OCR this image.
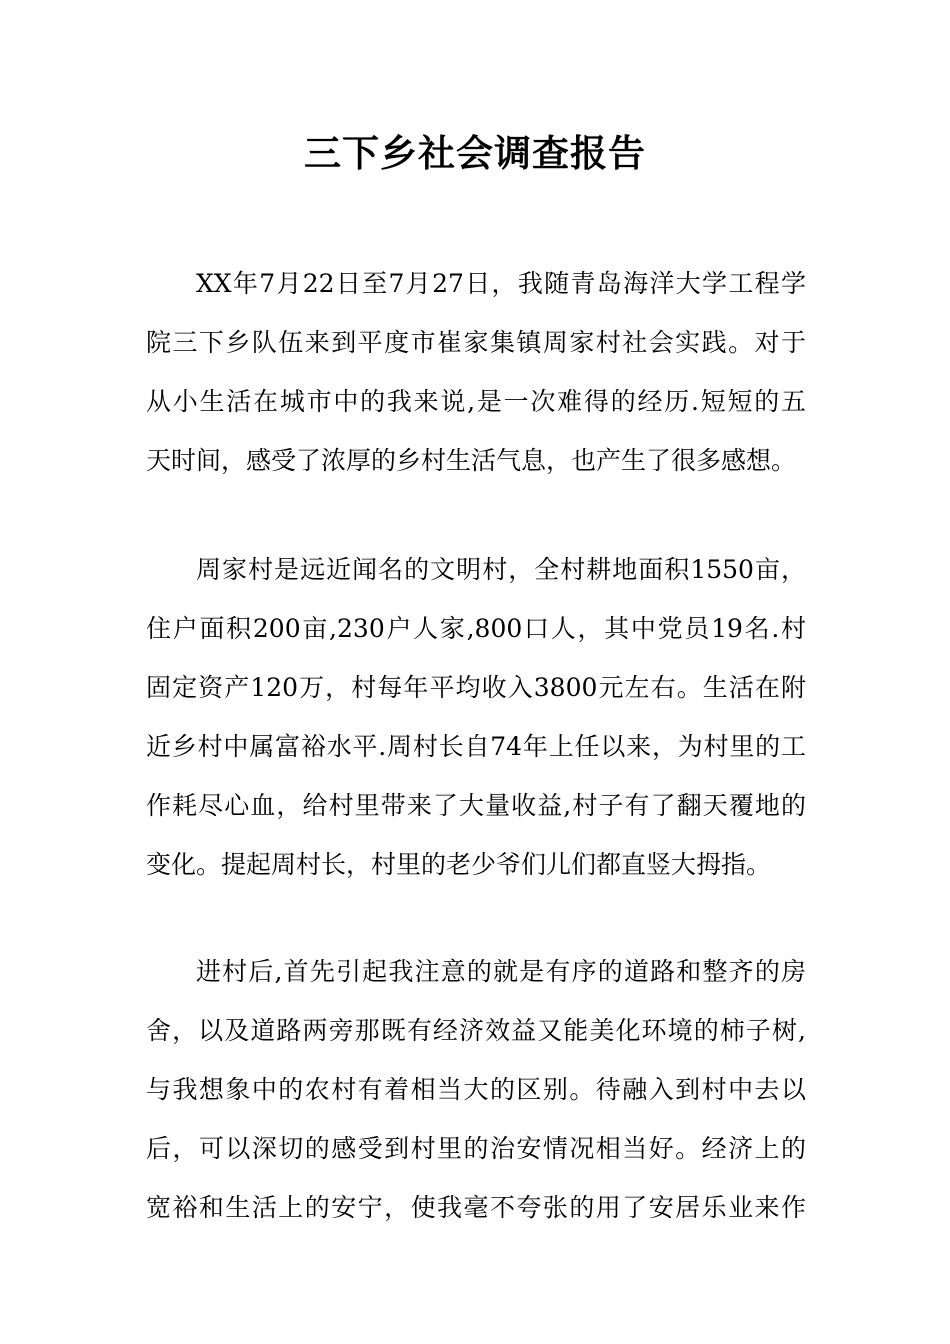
三下乡社会调查报告
XX年7月22日至7月27日，我随青岛海洋大学工程学
院三下乡队伍来到平度市崔家集镇周家村社会实践。对于
从小生活在城市中的我来说,是一次难得的经历.短短的五
天时间，感受了浓厚的乡村生活气息，也产生了很多感想。
周家村是远近闻名的文明村，全村耕地面积1550亩，
住户面积200亩,230户人家,800口人，其中党员19名.村
固定资产120万，村每年平均收入3800元左右。生活在附
近乡村中属富裕水平.周村长自74年上任以来，为村里的工
作耗尽心血，给村里带来了大量收益,村子有了翻天覆地的
变化。提起周村长，村里的老少爷们儿们都直竖大拇指。
进村后,首先引起我注意的就是有序的道路和整齐的房
舍，以及道路两旁那既有经济效益又能美化环境的柿子树,
与我想象中的农村有着相当大的区别。待融入到村中去以
后，可以深切的感受到村里的治安情况相当好。经济上的
宽裕和生活上的安宁，使我毫不夸张的用了安居乐业来作
